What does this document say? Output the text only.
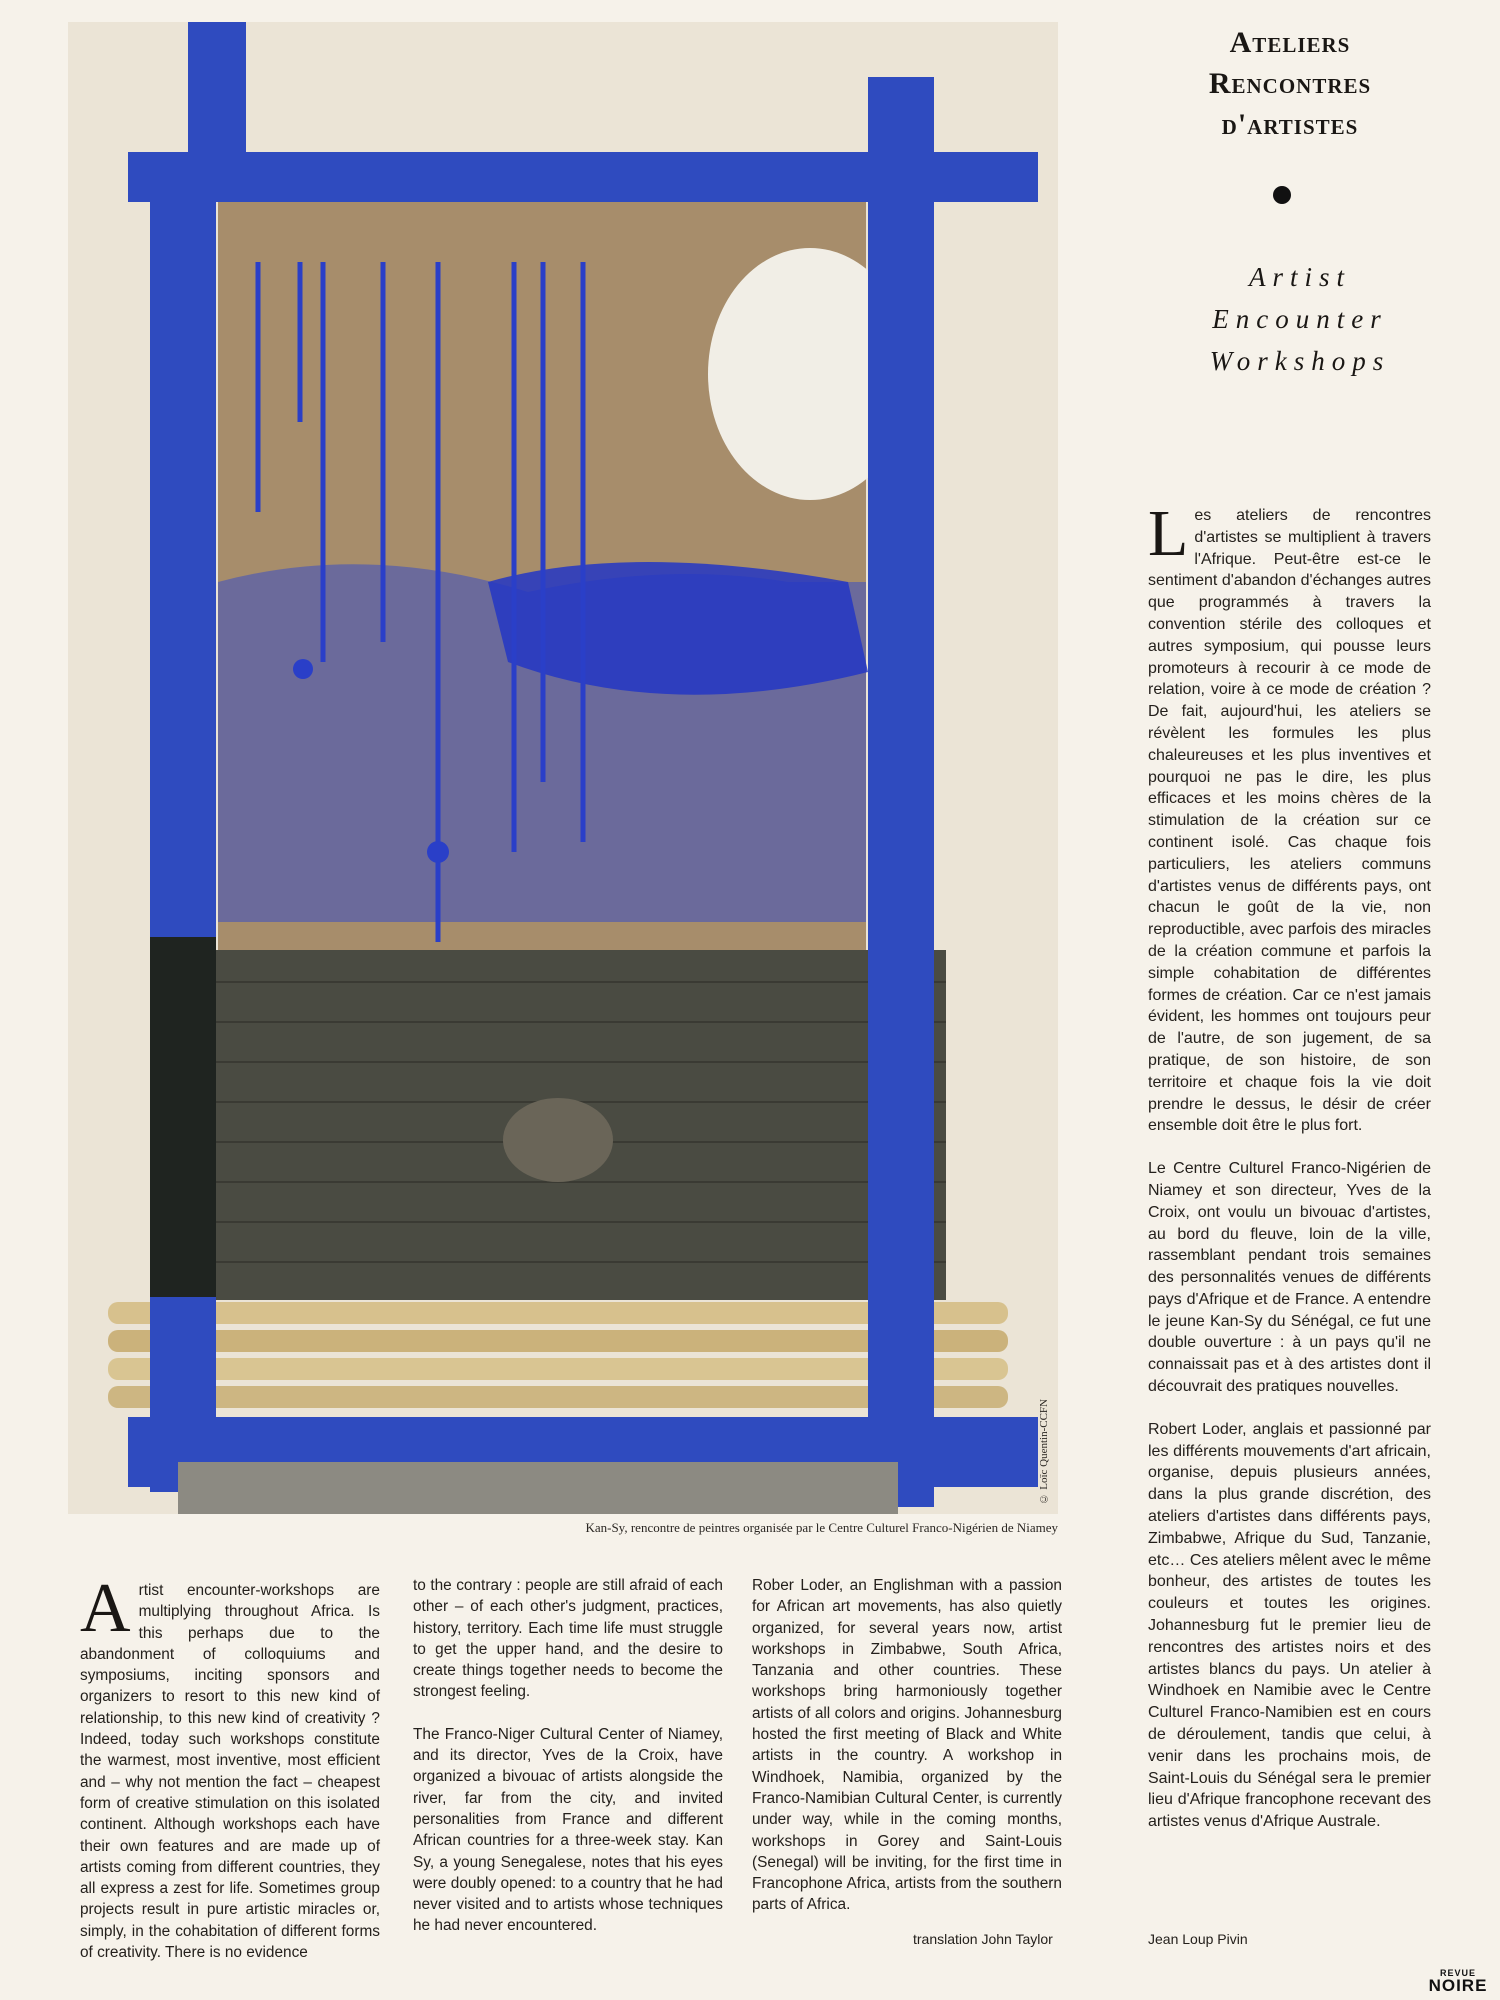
© Loïc Quentin-CCFN
Kan-Sy, rencontre de peintres organisée par le Centre Culturel Franco-Nigérien de Niamey
Ateliers
Rencontres
d'artistes
Artist
Encounter
Workshops

Les ateliers de rencontres d'artistes se multiplient à travers l'Afrique. Peut-être est-ce le sentiment d'abandon d'échanges autres que programmés à travers la convention stérile des colloques et autres symposium, qui pousse leurs promoteurs à recourir à ce mode de relation, voire à ce mode de création ? De fait, aujourd'hui, les ateliers se révèlent les formules les plus chaleureuses et les plus inventives et pourquoi ne pas le dire, les plus efficaces et les moins chères de la stimulation de la création sur ce continent isolé. Cas chaque fois particuliers, les ateliers communs d'artistes venus de différents pays, ont chacun le goût de la vie, non reproductible, avec parfois des miracles de la création commune et parfois la simple cohabitation de différentes formes de création. Car ce n'est jamais évident, les hommes ont toujours peur de l'autre, de son jugement, de sa pratique, de son histoire, de son territoire et chaque fois la vie doit prendre le dessus, le désir de créer ensemble doit être le plus fort.

Le Centre Culturel Franco-Nigérien de Niamey et son directeur, Yves de la Croix, ont voulu un bivouac d'artistes, au bord du fleuve, loin de la ville, rassemblant pendant trois semaines des personnalités venues de différents pays d'Afrique et de France. A entendre le jeune Kan-Sy du Sénégal, ce fut une double ouverture : à un pays qu'il ne connaissait pas et à des artistes dont il découvrait des pratiques nouvelles.

Robert Loder, anglais et passionné par les différents mouvements d'art africain, organise, depuis plusieurs années, dans la plus grande discrétion, des ateliers d'artistes dans différents pays, Zimbabwe, Afrique du Sud, Tanzanie, etc… Ces ateliers mêlent avec le même bonheur, des artistes de toutes les couleurs et toutes les origines. Johannesburg fut le premier lieu de rencontres des artistes noirs et des artistes blancs du pays. Un atelier à Windhoek en Namibie avec le Centre Culturel Franco-Namibien est en cours de déroulement, tandis que celui, à venir dans les prochains mois, de Saint-Louis du Sénégal sera le premier lieu d'Afrique francophone recevant des artistes venus d'Afrique Australe.

Artist encounter-workshops are multiplying throughout Africa. Is this perhaps due to the abandonment of colloquiums and symposiums, inciting sponsors and organizers to resort to this new kind of relationship, to this new kind of creativity ? Indeed, today such workshops constitute the warmest, most inventive, most efficient and – why not mention the fact – cheapest form of creative stimulation on this isolated continent. Although workshops each have their own features and are made up of artists coming from different countries, they all express a zest for life. Sometimes group projects result in pure artistic miracles or, simply, in the cohabitation of different forms of creativity. There is no evidence

to the contrary : people are still afraid of each other – of each other's judgment, practices, history, territory. Each time life must struggle to get the upper hand, and the desire to create things together needs to become the strongest feeling.

The Franco-Niger Cultural Center of Niamey, and its director, Yves de la Croix, have organized a bivouac of artists alongside the river, far from the city, and invited personalities from France and different African countries for a three-week stay. Kan Sy, a young Senegalese, notes that his eyes were doubly opened: to a country that he had never visited and to artists whose techniques he had never encountered.

Rober Loder, an Englishman with a passion for African art movements, has also quietly organized, for several years now, artist workshops in Zimbabwe, South Africa, Tanzania and other countries. These workshops bring harmoniously together artists of all colors and origins. Johannesburg hosted the first meeting of Black and White artists in the country. A workshop in Windhoek, Namibia, organized by the Franco-Namibian Cultural Center, is currently under way, while in the coming months, workshops in Gorey and Saint-Louis (Senegal) will be inviting, for the first time in Francophone Africa, artists from the southern parts of Africa.

translation John Taylor	Jean Loup Pivin
REVUE
NOIRE
